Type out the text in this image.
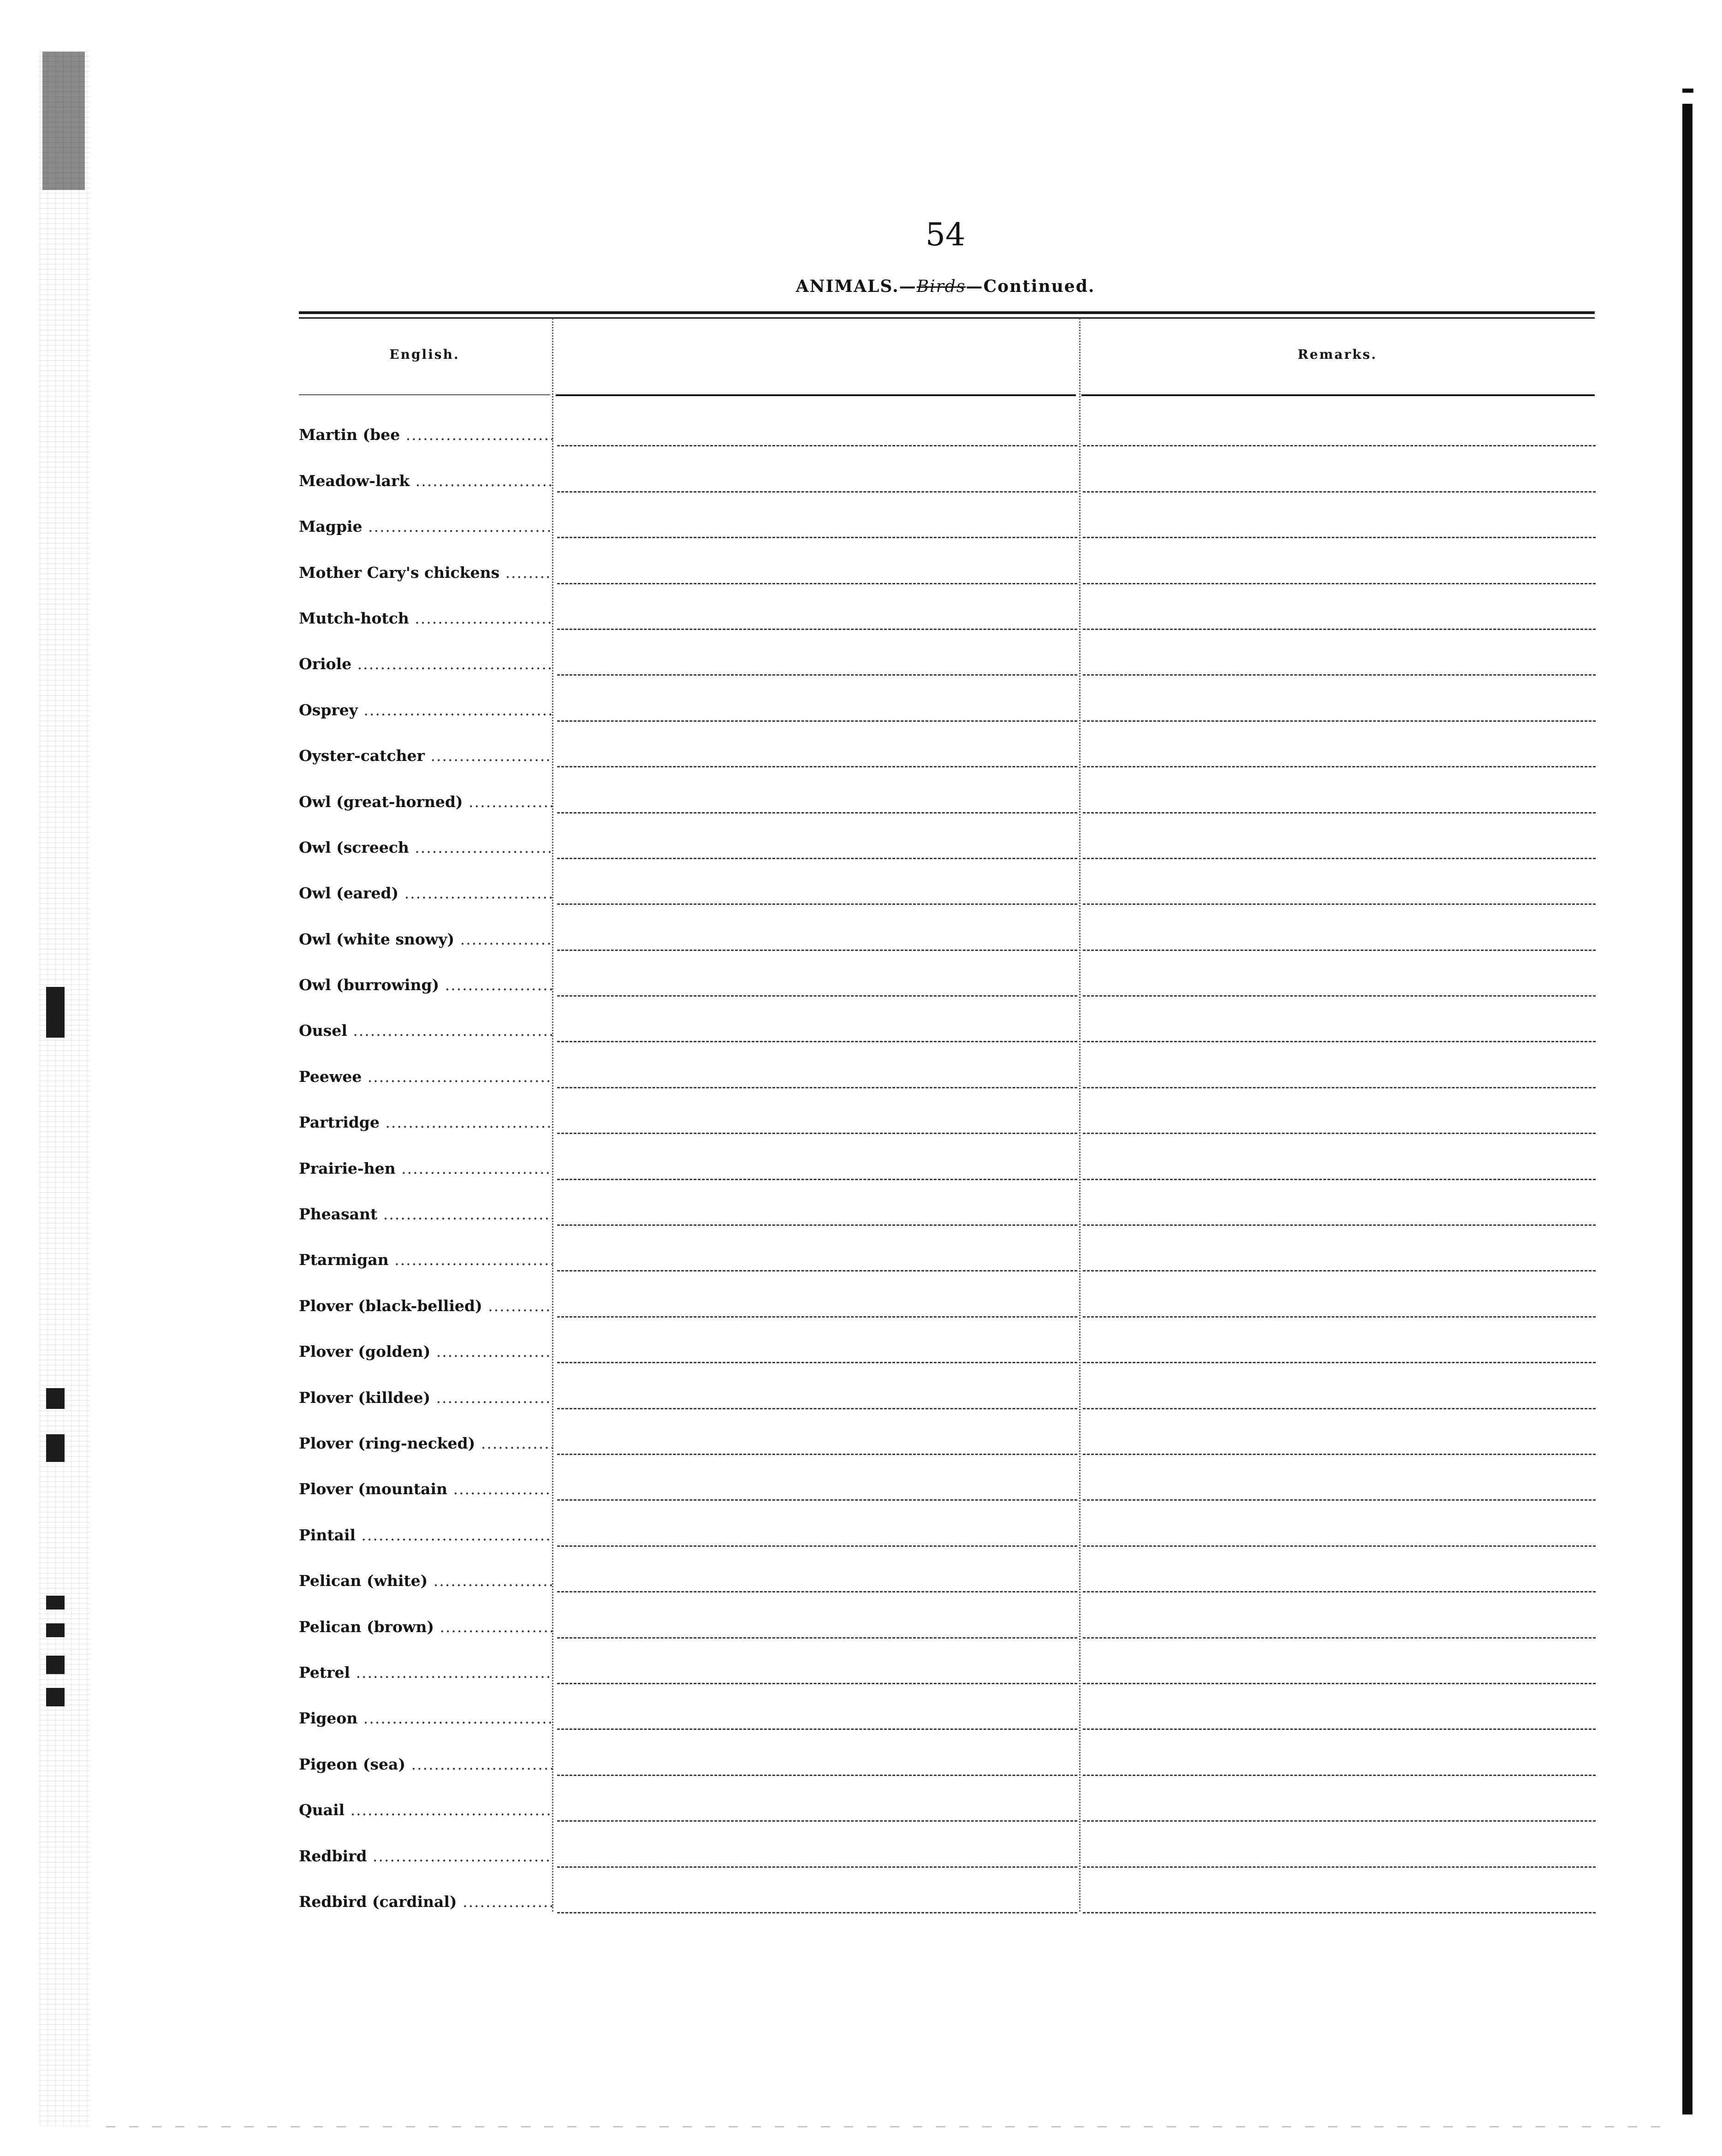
54
ANIMALS.—Birds—Continued.
English.	Remarks.
Martin (bee .....
Meadow-lark .....
Magpie .....
Mother Cary's chickens .....
Mutch-hotch .....
Oriole .....
Osprey .....
Oyster-catcher .....
Owl (great-horned) .....
Owl (screech .....
Owl (eared) .....
Owl (white snowy) .....
Owl (burrowing) .....
Ousel .....
Peewee .....
Partridge .....
Prairie-hen .....
Pheasant .....
Ptarmigan .....
Plover (black-bellied) .....
Plover (golden) .....
Plover (killdee) .....
Plover (ring-necked) .....
Plover (mountain .....
Pintail .....
Pelican (white) .....
Pelican (brown) .....
Petrel .....
Pigeon .....
Pigeon (sea) .....
Quail .....
Redbird .....
Redbird (cardinal) .....
